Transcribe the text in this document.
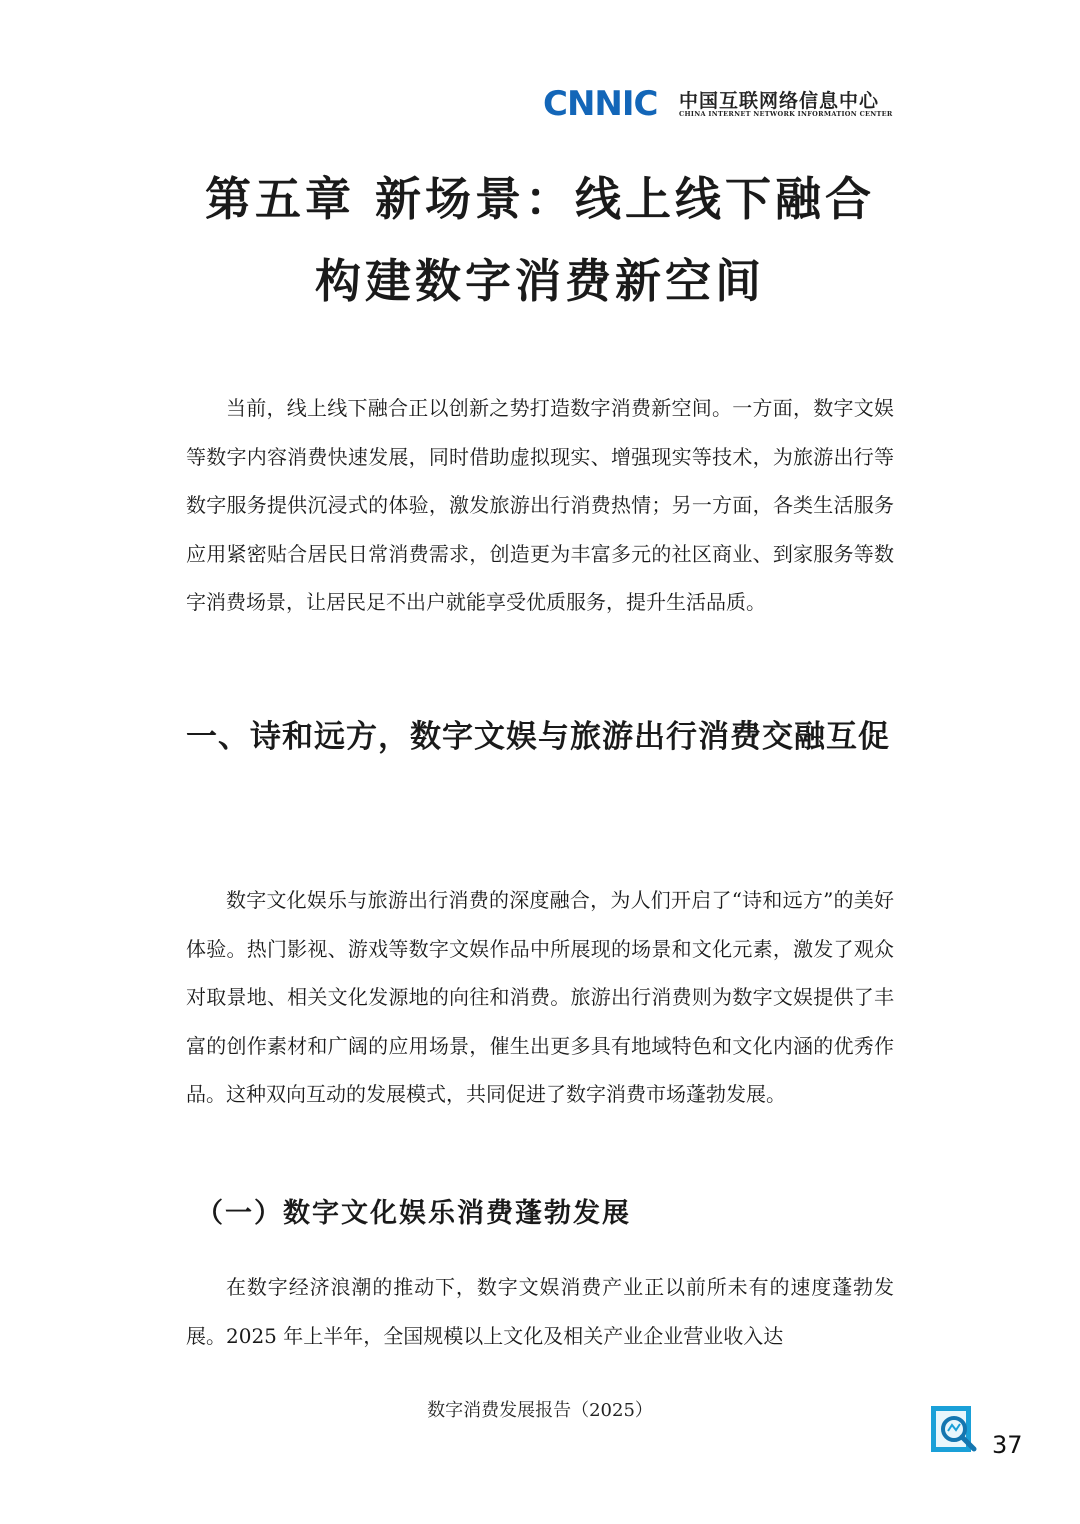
CNNIC 中国互联网络信息中心
CHINA INTERNET NETWORK INFORMATION CENTER
第五章 新场景：线上线下融合
构建数字消费新空间

当前，线上线下融合正以创新之势打造数字消费新空间。一方面，数字文娱等数字内容消费快速发展，同时借助虚拟现实、增强现实等技术，为旅游出行等数字服务提供沉浸式的体验，激发旅游出行消费热情；另一方面，各类生活服务应用紧密贴合居民日常消费需求，创造更为丰富多元的社区商业、到家服务等数字消费场景，让居民足不出户就能享受优质服务，提升生活品质。

一、诗和远方，数字文娱与旅游出行消费交融互促

数字文化娱乐与旅游出行消费的深度融合，为人们开启了“诗和远方”的美好体验。热门影视、游戏等数字文娱作品中所展现的场景和文化元素，激发了观众对取景地、相关文化发源地的向往和消费。旅游出行消费则为数字文娱提供了丰富的创作素材和广阔的应用场景，催生出更多具有地域特色和文化内涵的优秀作品。这种双向互动的发展模式，共同促进了数字消费市场蓬勃发展。

（一）数字文化娱乐消费蓬勃发展

在数字经济浪潮的推动下，数字文娱消费产业正以前所未有的速度蓬勃发展。2025 年上半年，全国规模以上文化及相关产业企业营业收入达

数字消费发展报告（2025）
37
